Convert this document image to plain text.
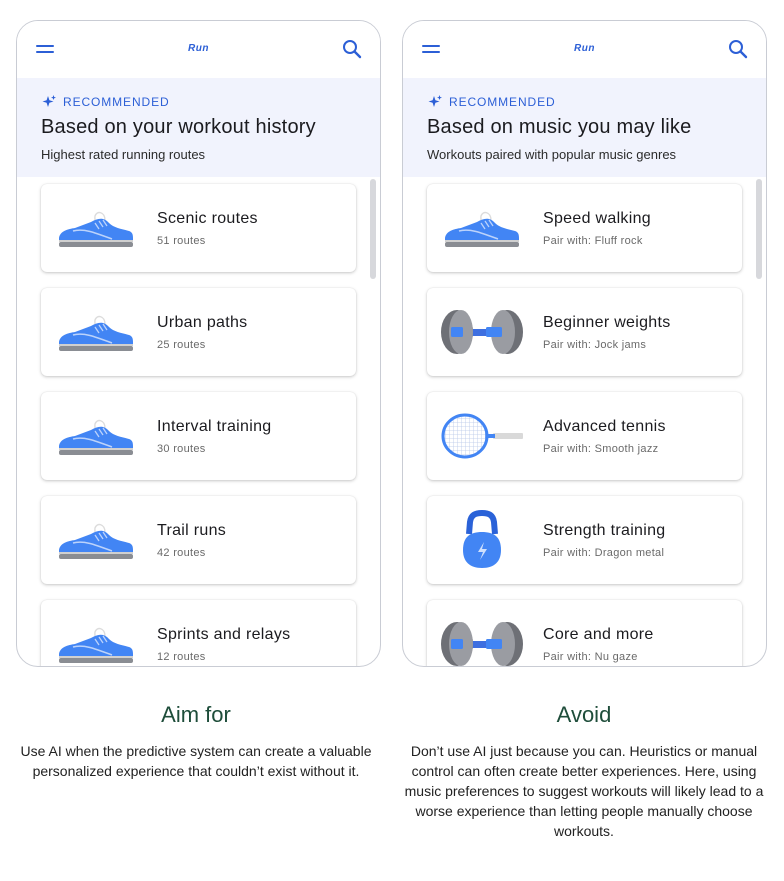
Run
RECOMMENDED
Based on your workout history
Highest rated running routes
Scenic routes
51 routes
Urban paths
25 routes
Interval training
30 routes
Trail runs
42 routes
Sprints and relays
12 routes
Run
RECOMMENDED
Based on music you may like
Workouts paired with popular music genres
Speed walking
Pair with: Fluff rock
Beginner weights
Pair with: Jock jams
Advanced tennis
Pair with: Smooth jazz
Strength training
Pair with: Dragon metal
Core and more
Pair with: Nu gaze
Aim for
Use AI when the predictive system can create a valuable personalized experience that couldn’t exist without it.
Avoid
Don’t use AI just because you can. Heuristics or manual control can often create better experiences. Here, using music preferences to suggest workouts will likely lead to a worse experience than letting people manually choose workouts.
